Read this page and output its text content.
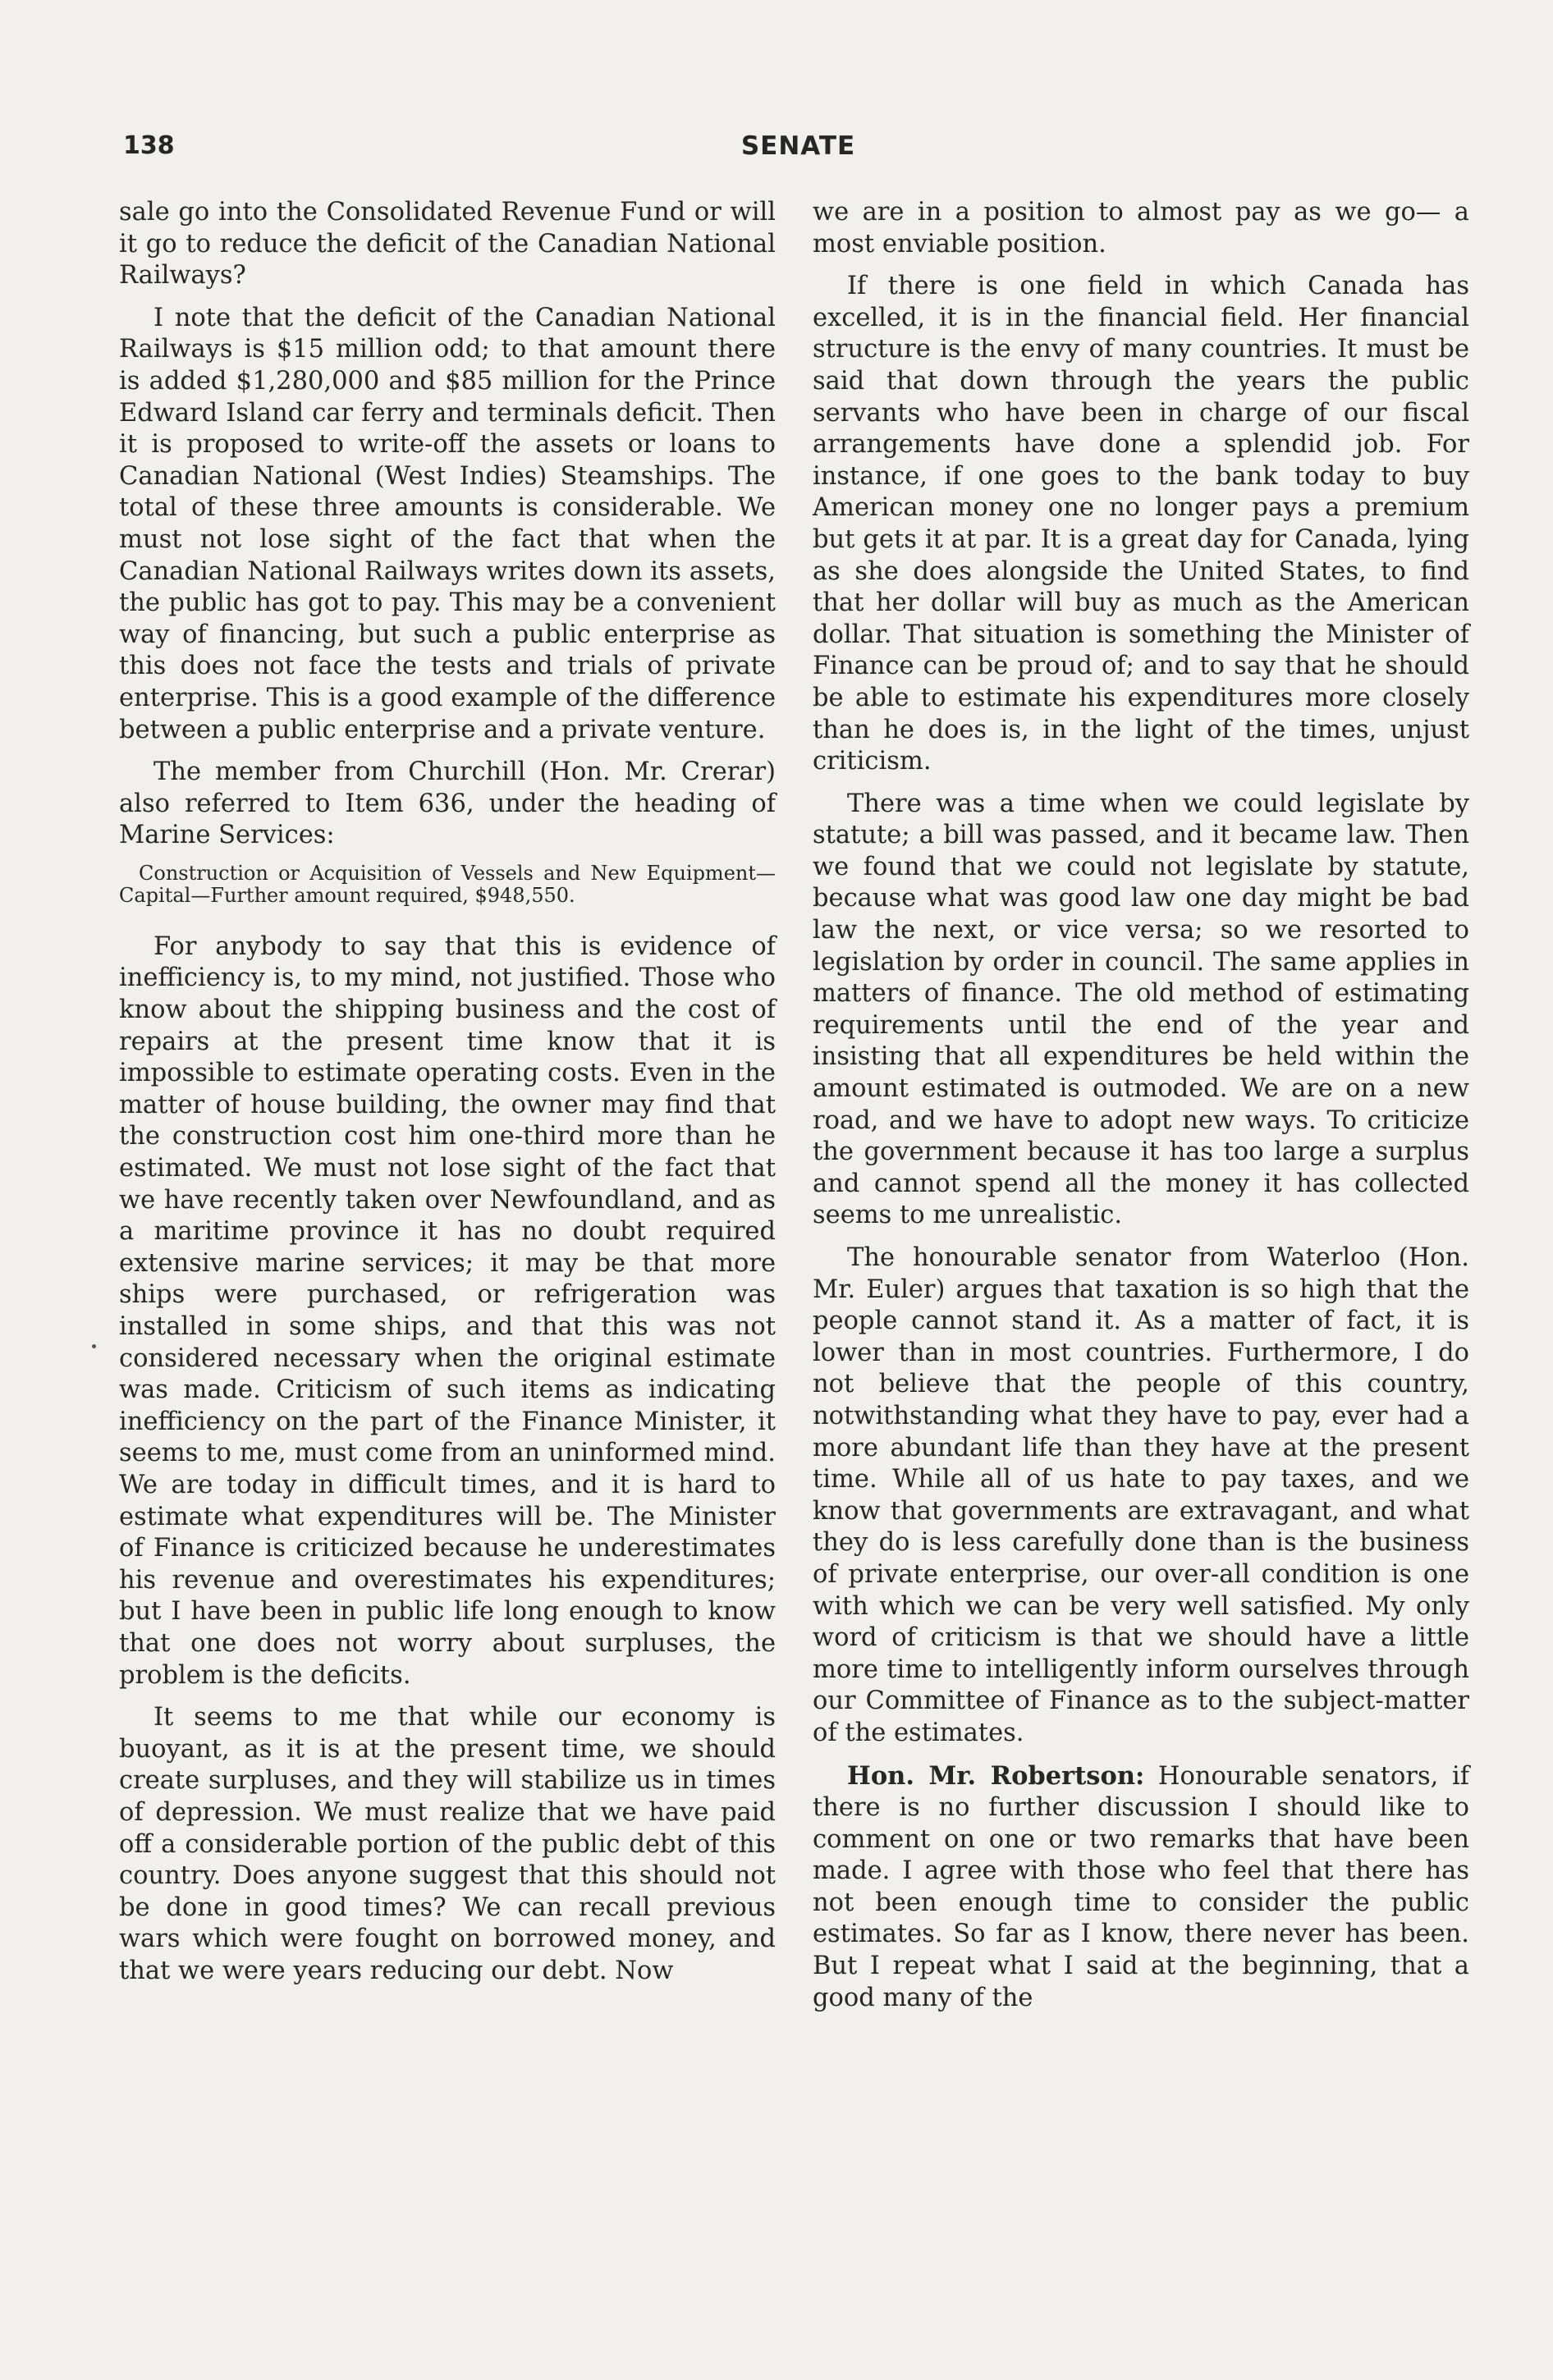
138	SENATE

sale go into the Consolidated Revenue Fund or will it go to reduce the deficit of the Canadian National Railways?

I note that the deficit of the Canadian National Railways is $15 million odd; to that amount there is added $1,280,000 and $85 million for the Prince Edward Island car ferry and terminals deficit. Then it is proposed to write-off the assets or loans to Canadian National (West Indies) Steamships. The total of these three amounts is considerable. We must not lose sight of the fact that when the Canadian National Railways writes down its assets, the public has got to pay. This may be a convenient way of financing, but such a public enterprise as this does not face the tests and trials of private enterprise. This is a good example of the difference between a public enterprise and a private venture.

The member from Churchill (Hon. Mr. Crerar) also referred to Item 636, under the heading of Marine Services:

Construction or Acquisition of Vessels and New Equipment—Capital—Further amount required, $948,550.

For anybody to say that this is evidence of inefficiency is, to my mind, not justified. Those who know about the shipping business and the cost of repairs at the present time know that it is impossible to estimate operating costs. Even in the matter of house building, the owner may find that the construction cost him one-third more than he estimated. We must not lose sight of the fact that we have recently taken over Newfoundland, and as a maritime province it has no doubt required extensive marine services; it may be that more ships were purchased, or refrigeration was installed in some ships, and that this was not considered necessary when the original estimate was made. Criticism of such items as indicating inefficiency on the part of the Finance Minister, it seems to me, must come from an uninformed mind. We are today in difficult times, and it is hard to estimate what expenditures will be. The Minister of Finance is criticized because he underestimates his revenue and overestimates his expenditures; but I have been in public life long enough to know that one does not worry about surpluses, the problem is the deficits.

It seems to me that while our economy is buoyant, as it is at the present time, we should create surpluses, and they will stabilize us in times of depression. We must realize that we have paid off a considerable portion of the public debt of this country. Does anyone suggest that this should not be done in good times? We can recall previous wars which were fought on borrowed money, and that we were years reducing our debt. Now

we are in a position to almost pay as we go— a most enviable position.

If there is one field in which Canada has excelled, it is in the financial field. Her financial structure is the envy of many countries. It must be said that down through the years the public servants who have been in charge of our fiscal arrangements have done a splendid job. For instance, if one goes to the bank today to buy American money one no longer pays a premium but gets it at par. It is a great day for Canada, lying as she does alongside the United States, to find that her dollar will buy as much as the American dollar. That situation is something the Minister of Finance can be proud of; and to say that he should be able to estimate his expenditures more closely than he does is, in the light of the times, unjust criticism.

There was a time when we could legislate by statute; a bill was passed, and it became law. Then we found that we could not legislate by statute, because what was good law one day might be bad law the next, or vice versa; so we resorted to legislation by order in council. The same applies in matters of finance. The old method of estimating requirements until the end of the year and insisting that all expenditures be held within the amount estimated is outmoded. We are on a new road, and we have to adopt new ways. To criticize the government because it has too large a surplus and cannot spend all the money it has collected seems to me unrealistic.

The honourable senator from Waterloo (Hon. Mr. Euler) argues that taxation is so high that the people cannot stand it. As a matter of fact, it is lower than in most countries. Furthermore, I do not believe that the people of this country, notwithstanding what they have to pay, ever had a more abundant life than they have at the present time. While all of us hate to pay taxes, and we know that governments are extravagant, and what they do is less carefully done than is the business of private enterprise, our over-all condition is one with which we can be very well satisfied. My only word of criticism is that we should have a little more time to intelligently inform ourselves through our Committee of Finance as to the subject-matter of the estimates.

Hon. Mr. Robertson: Honourable senators, if there is no further discussion I should like to comment on one or two remarks that have been made. I agree with those who feel that there has not been enough time to consider the public estimates. So far as I know, there never has been. But I repeat what I said at the beginning, that a good many of the
